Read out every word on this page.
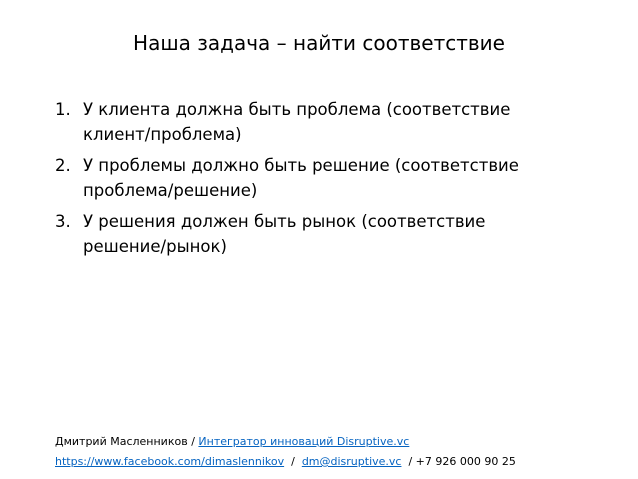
Наша задача – найти соответствие
1. У клиента должна быть проблема (соответствие
клиент/проблема)
2. У проблемы должно быть решение (соответствие
проблема/решение)
3. У решения должен быть рынок (соответствие
решение/рынок)
Дмитрий Масленников / Интегратор инноваций Disruptive.vc
https://www.facebook.com/dimaslennikov  /  dm@disruptive.vc  / +7 926 000 90 25
